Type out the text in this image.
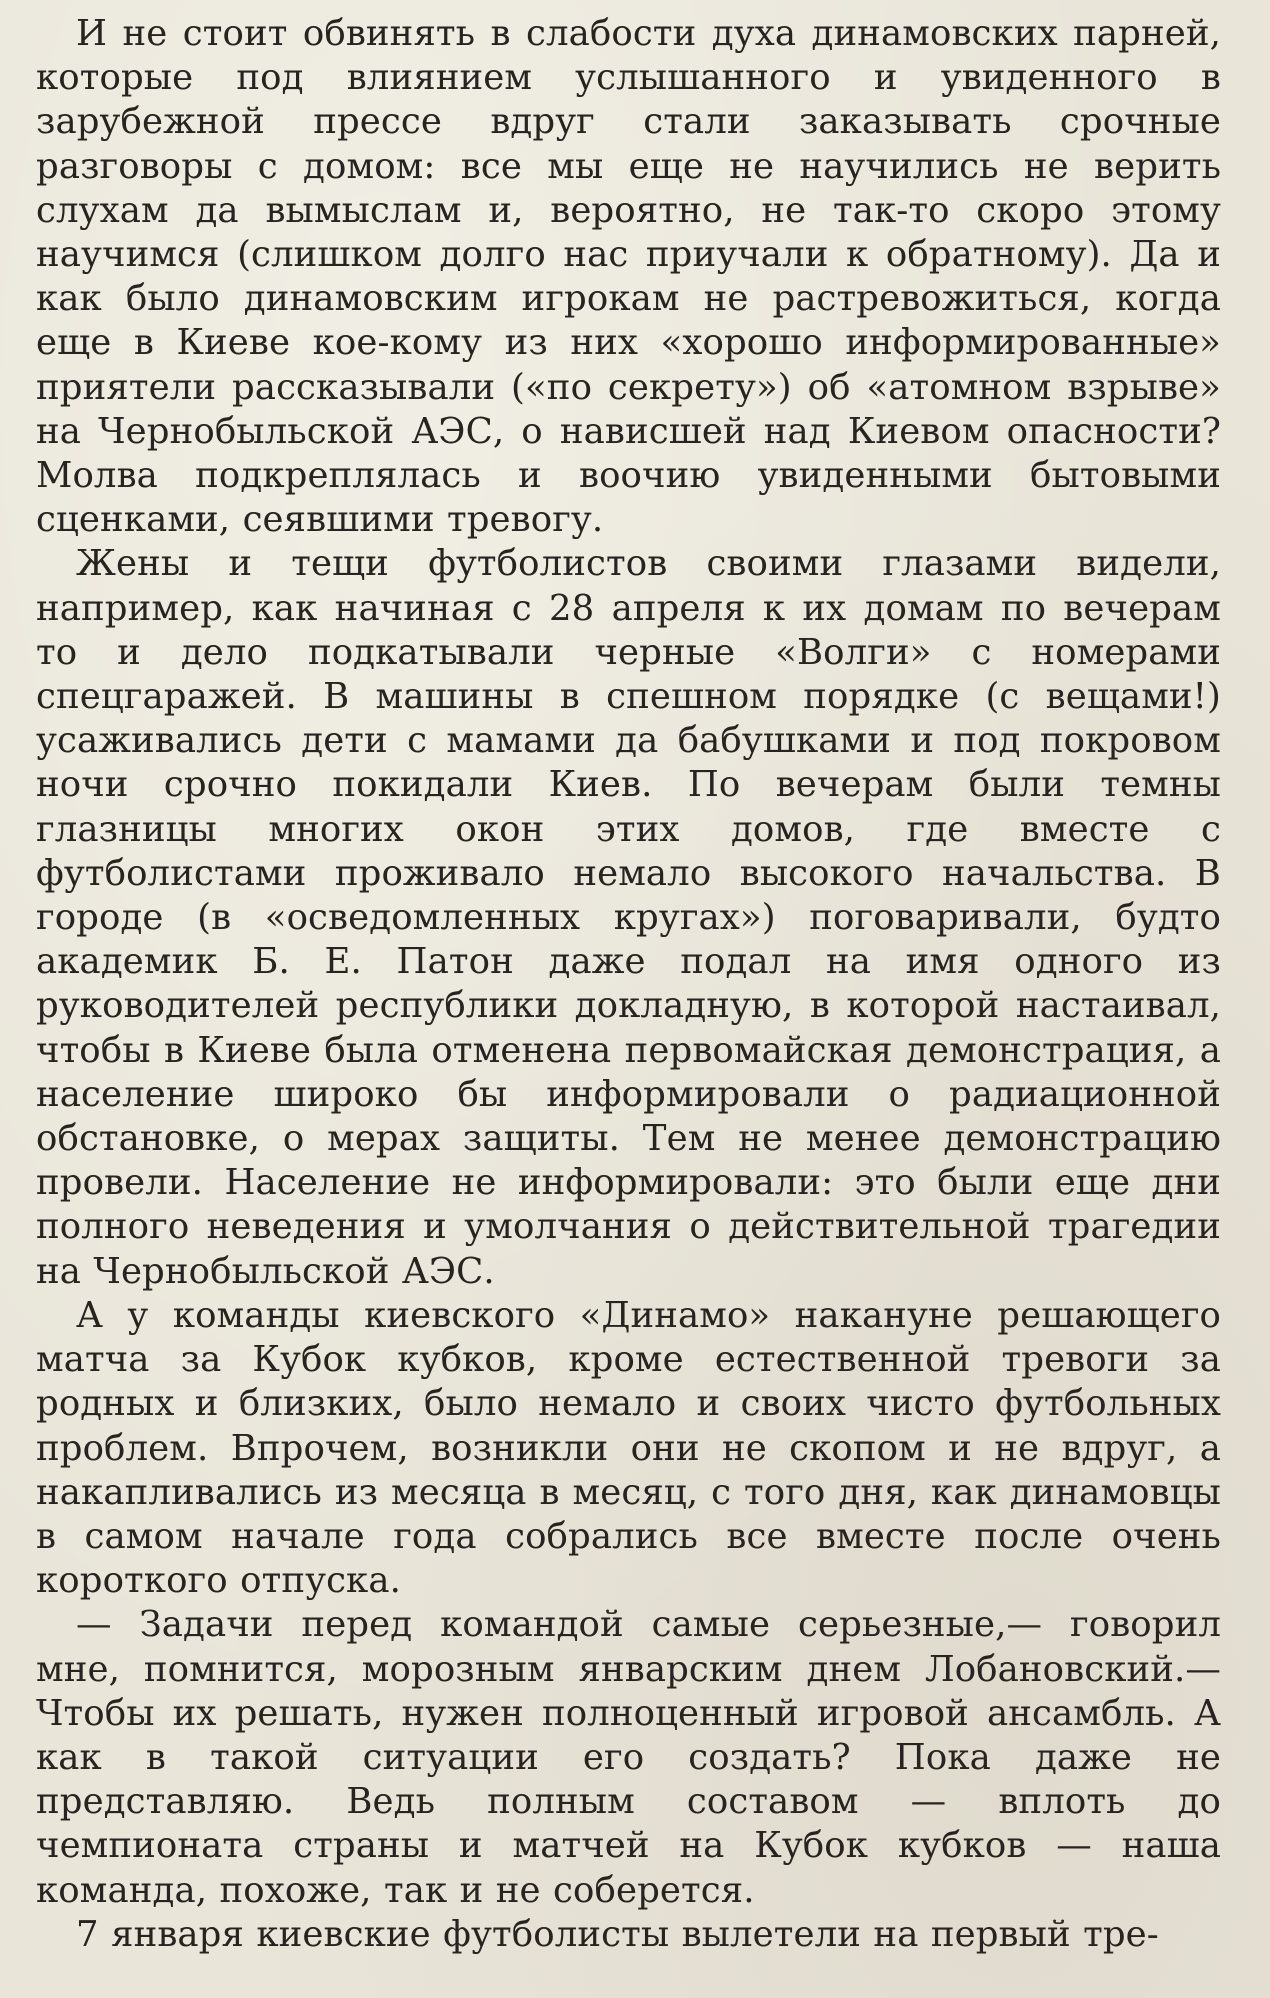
И не стоит обвинять в слабости духа динамовских парней, которые под влиянием услышанного и увиденного в зарубежной прессе вдруг стали заказывать срочные разговоры с домом: все мы еще не научились не верить слухам да вымыслам и, вероятно, не так-то скоро этому научимся (слишком долго нас приучали к обратному). Да и как было динамовским игрокам не растревожиться, когда еще в Киеве кое-кому из них «хорошо информированные» приятели рассказывали («по секрету») об «атомном взрыве» на Чернобыльской АЭС, о нависшей над Киевом опасности? Молва подкреплялась и воочию увиденными бытовыми сценками, сеявшими тревогу.

Жены и тещи футболистов своими глазами видели, например, как начиная с 28 апреля к их домам по вечерам то и дело подкатывали черные «Волги» с номерами спецгаражей. В машины в спешном порядке (с вещами!) усаживались дети с мамами да бабушками и под покровом ночи срочно покидали Киев. По вечерам были темны глазницы многих окон этих домов, где вместе с футболистами проживало немало высокого начальства. В городе (в «осведомленных кругах») поговаривали, будто академик Б. Е. Патон даже подал на имя одного из руководителей республики докладную, в которой настаивал, чтобы в Киеве была отменена первомайская демонстрация, а население широко бы информировали о радиационной обстановке, о мерах защиты. Тем не менее демонстрацию провели. Население не информировали: это были еще дни полного неведения и умолчания о действительной трагедии на Чернобыльской АЭС.

А у команды киевского «Динамо» накануне решающего матча за Кубок кубков, кроме естественной тревоги за родных и близких, было немало и своих чисто футбольных проблем. Впрочем, возникли они не скопом и не вдруг, а накапливались из месяца в месяц, с того дня, как динамовцы в самом начале года собрались все вместе после очень короткого отпуска.

— Задачи перед командой самые серьезные,— говорил мне, помнится, морозным январским днем Лобановский.— Чтобы их решать, нужен полноценный игровой ансамбль. А как в такой ситуации его создать? Пока даже не представляю. Ведь полным составом — вплоть до чемпионата страны и матчей на Кубок кубков — наша команда, похоже, так и не соберется.

7 января киевские футболисты вылетели на первый тре-
